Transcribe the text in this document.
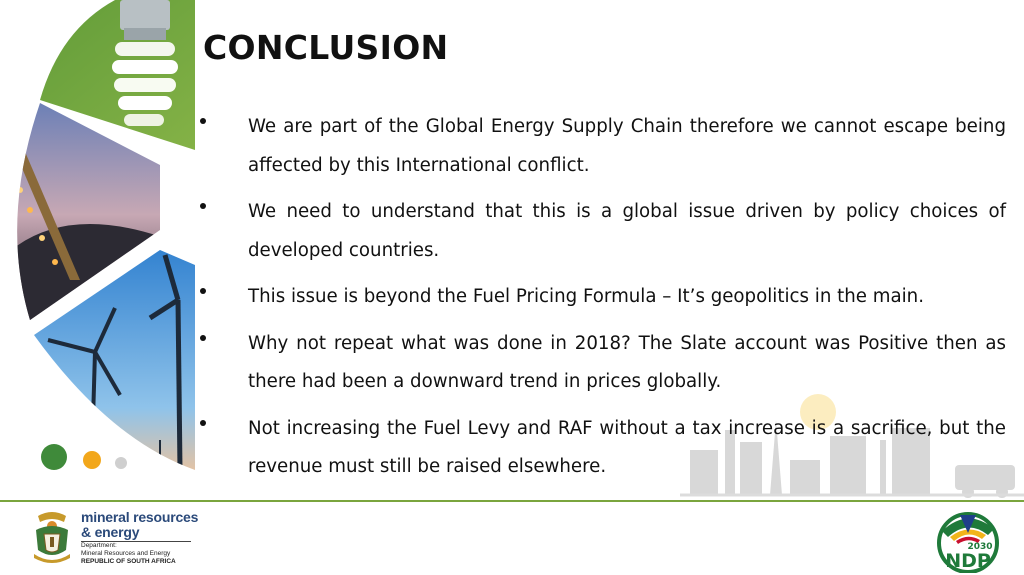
CONCLUSION
We are part of the Global Energy Supply Chain therefore we cannot escape being affected by this International conflict.
We need to understand that this is a global issue driven by policy choices of developed countries.
This issue is beyond the Fuel Pricing Formula – It’s geopolitics in the main.
Why not repeat what was done in 2018? The Slate account was Positive then as there had been a downward trend in prices globally.
Not increasing the Fuel Levy and RAF without a tax increase is a sacrifice, but the revenue must still be raised elsewhere.
mineral resources
& energy
Department:
Mineral Resources and Energy
REPUBLIC OF SOUTH AFRICA
2030
NDP
